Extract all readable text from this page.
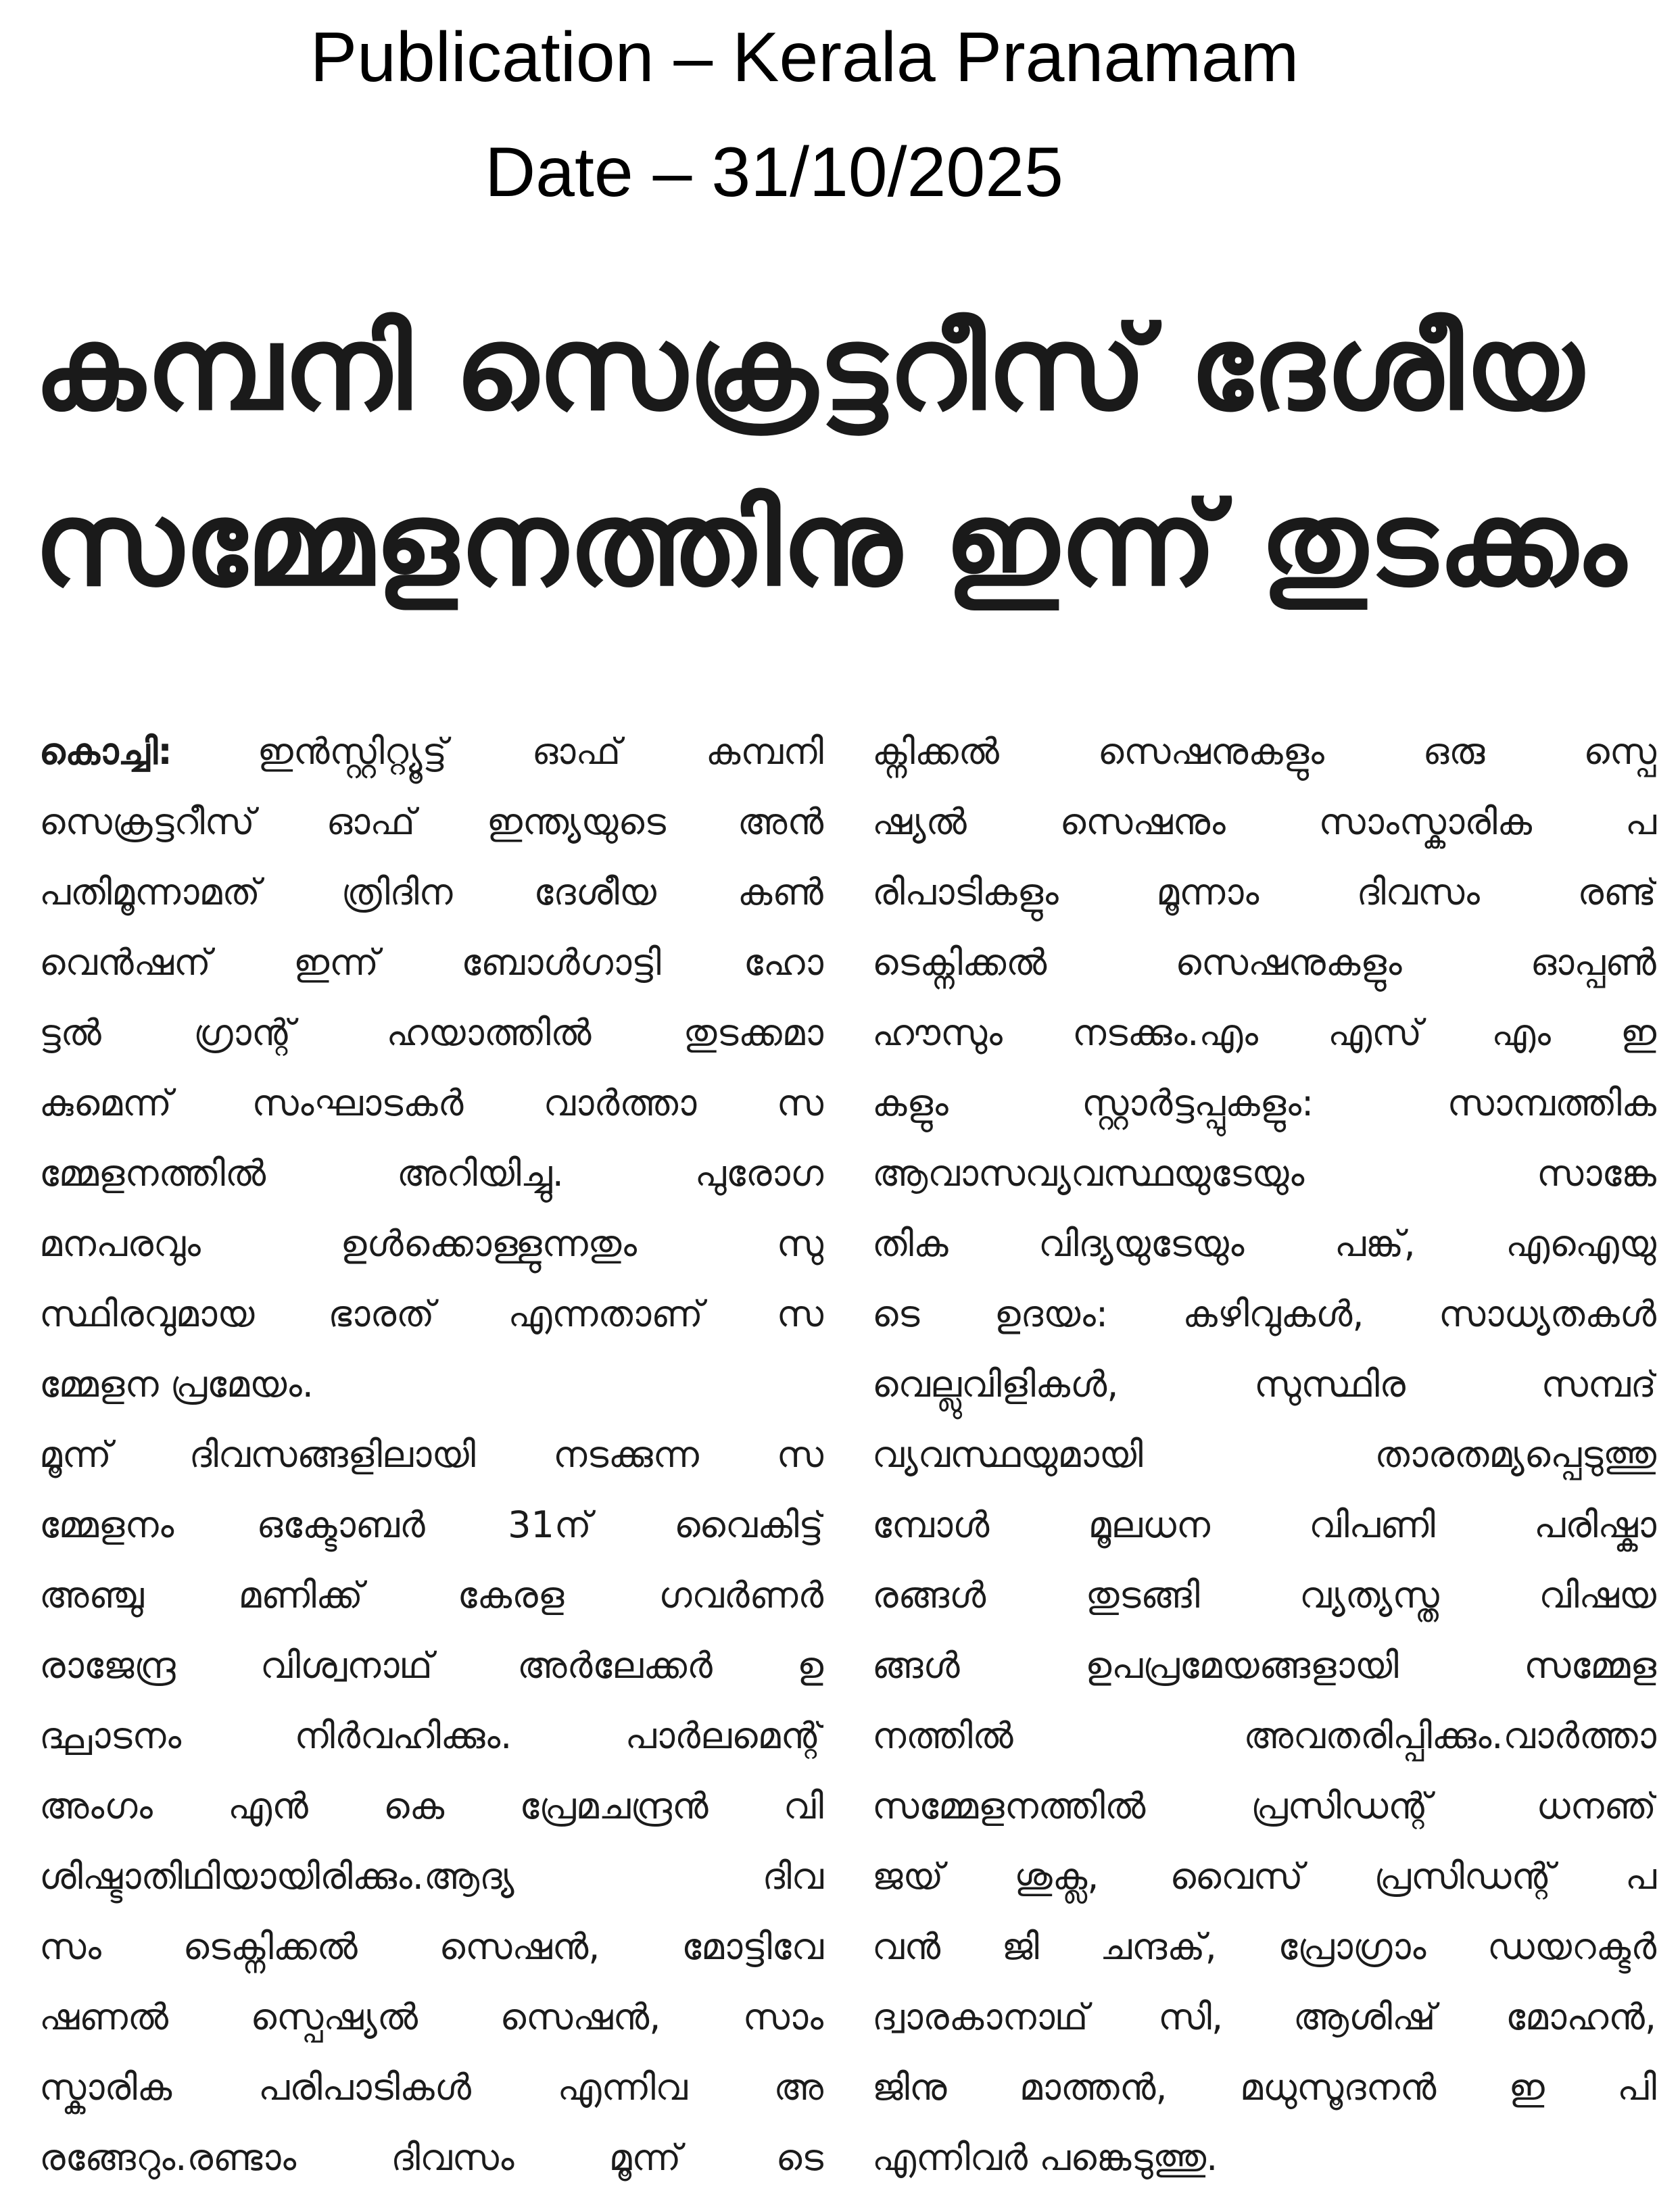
Publication – Kerala Pranamam
Date – 31/10/2025
കമ്പനി സെക്രട്ടറീസ് ദേശീയ
സമ്മേളനത്തിനു ഇന്ന് തുടക്കം
കൊച്ചി: ഇൻസ്റ്റിറ്റ്യൂട്ട് ഓഫ് കമ്പനി
സെക്രട്ടറീസ് ഓഫ് ഇന്ത്യയുടെ അൻ
പതിമൂന്നാമത് ത്രിദിന ദേശീയ കൺ
വെൻഷന് ഇന്ന് ബോൾഗാട്ടി ഹോ
ട്ടൽ ഗ്രാന്റ് ഹയാത്തിൽ തുടക്കമാ
കുമെന്ന് സംഘാടകർ വാർത്താ സ
മ്മേളനത്തിൽ അറിയിച്ചു. പുരോഗ
മനപരവും ഉൾക്കൊള്ളുന്നതും സു
സ്ഥിരവുമായ ഭാരത് എന്നതാണ് സ
മ്മേളന പ്രമേയം.
മൂന്ന് ദിവസങ്ങളിലായി നടക്കുന്ന സ
മ്മേളനം ഒക്ടോബർ 31ന് വൈകിട്ട്
അഞ്ചു മണിക്ക് കേരള ഗവർണർ
രാജേന്ദ്ര വിശ്വനാഥ് അർലേക്കർ ഉ
ദ്ഘാടനം നിർവഹിക്കും. പാർലമെന്റ്
അംഗം എൻ കെ പ്രേമചന്ദ്രൻ വി
ശിഷ്ടാതിഥിയായിരിക്കും.ആദ്യ ദിവ
സം ടെക്നിക്കൽ സെഷൻ, മോട്ടിവേ
ഷണൽ സ്പെഷ്യൽ സെഷൻ, സാം
സ്കാരിക പരിപാടികൾ എന്നിവ അ
രങ്ങേറും.രണ്ടാം ദിവസം മൂന്ന് ടെ
ക്നിക്കൽ സെഷനുകളും ഒരു സ്പെ
ഷ്യൽ സെഷനും സാംസ്കാരിക പ
രിപാടികളും മൂന്നാം ദിവസം രണ്ട്
ടെക്നിക്കൽ സെഷനുകളും ഓപ്പൺ
ഹൗസും നടക്കും.എം എസ് എം ഇ
കളും സ്റ്റാർട്ടപ്പുകളും: സാമ്പത്തിക
ആവാസവ്യവസ്ഥയുടേയും സാങ്കേ
തിക വിദ്യയുടേയും പങ്ക്, എഐയു
ടെ ഉദയം: കഴിവുകൾ, സാധ്യതകൾ
വെല്ലുവിളികൾ, സുസ്ഥിര സമ്പദ്
വ്യവസ്ഥയുമായി താരതമ്യപ്പെടുത്തു
മ്പോൾ മൂലധന വിപണി പരിഷ്കാ
രങ്ങൾ തുടങ്ങി വ്യത്യസ്ത വിഷയ
ങ്ങൾ ഉപപ്രമേയങ്ങളായി സമ്മേള
നത്തിൽ അവതരിപ്പിക്കും.വാർത്താ
സമ്മേളനത്തിൽ പ്രസിഡന്റ് ധനഞ്
ജയ് ശുക്ല, വൈസ് പ്രസിഡന്റ് പ
വൻ ജി ചന്ദക്, പ്രോഗ്രാം ഡയറക്ടർ
ദ്വാരകാനാഥ് സി, ആശിഷ് മോഹൻ,
ജിനു മാത്തൻ, മധുസൂദനൻ ഇ പി
എന്നിവർ പങ്കെടുത്തു.
